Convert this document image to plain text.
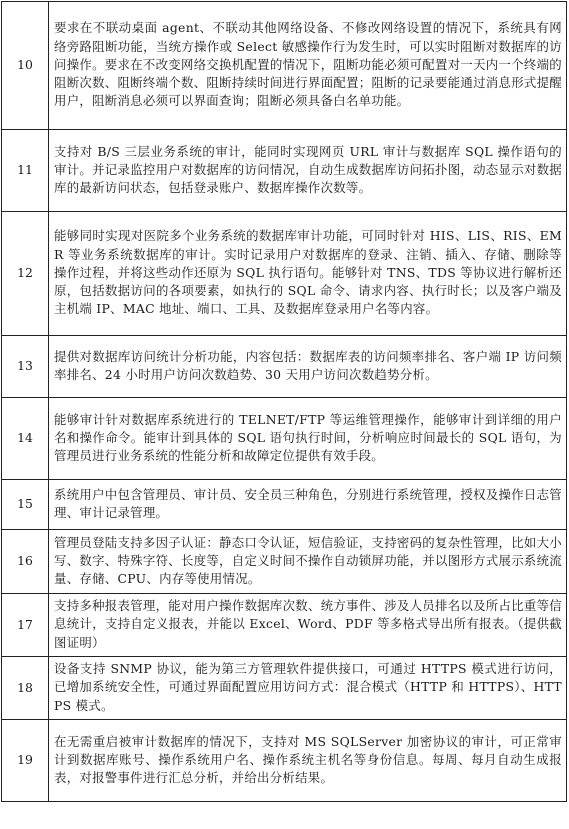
10	要求在不联动桌面 agent、不联动其他网络设备、不修改网络设置的情况下，系统具有网络旁路阻断功能，当统方操作或 Select 敏感操作行为发生时，可以实时阻断对数据库的访问操作。要求在不改变网络交换机配置的情况下，阻断功能必须可配置对一天内一个终端的阻断次数、阻断终端个数、阻断持续时间进行界面配置；阻断的记录要能通过消息形式提醒用户，阻断消息必须可以界面查询；阻断必须具备白名单功能。
11	支持对 B/S 三层业务系统的审计，能同时实现网页 URL 审计与数据库 SQL 操作语句的审计。并记录监控用户对数据库的访问情况，自动生成数据库访问拓扑图，动态显示对数据库的最新访问状态，包括登录账户、数据库操作次数等。
12	能够同时实现对医院多个业务系统的数据库审计功能，可同时针对 HIS、LIS、RIS、EMR 等业务系统数据库的审计。实时记录用户对数据库的登录、注销、插入、存储、删除等操作过程，并将这些动作还原为 SQL 执行语句。能够针对 TNS、TDS 等协议进行解析还原，包括数据访问的各项要素，如执行的 SQL 命令、请求内容、执行时长；以及客户端及主机端 IP、MAC 地址、端口、工具、及数据库登录用户名等内容。
13	提供对数据库访问统计分析功能，内容包括：数据库表的访问频率排名、客户端 IP 访问频率排名、24 小时用户访问次数趋势、30 天用户访问次数趋势分析。
14	能够审计针对数据库系统进行的 TELNET/FTP 等运维管理操作，能够审计到详细的用户名和操作命令。能审计到具体的 SQL 语句执行时间，分析响应时间最长的 SQL 语句，为管理员进行业务系统的性能分析和故障定位提供有效手段。
15	系统用户中包含管理员、审计员、安全员三种角色，分别进行系统管理，授权及操作日志管理、审计记录管理。
16	管理员登陆支持多因子认证：静态口令认证，短信验证，支持密码的复杂性管理，比如大小写、数字、特殊字符、长度等，自定义时间不操作自动锁屏功能，并以图形方式展示系统流量、存储、CPU、内存等使用情况。
17	支持多种报表管理，能对用户操作数据库次数、统方事件、涉及人员排名以及所占比重等信息统计，支持自定义报表，并能以 Excel、Word、PDF 等多格式导出所有报表。（提供截图证明）
18	设备支持 SNMP 协议，能为第三方管理软件提供接口，可通过 HTTPS 模式进行访问，已增加系统安全性，可通过界面配置应用访问方式：混合模式（HTTP 和 HTTPS）、HTTPS 模式。
19	在无需重启被审计数据库的情况下，支持对 MS SQLServer 加密协议的审计，可正常审计到数据库账号、操作系统用户名、操作系统主机名等身份信息。每周、每月自动生成报表，对报警事件进行汇总分析，并给出分析结果。
